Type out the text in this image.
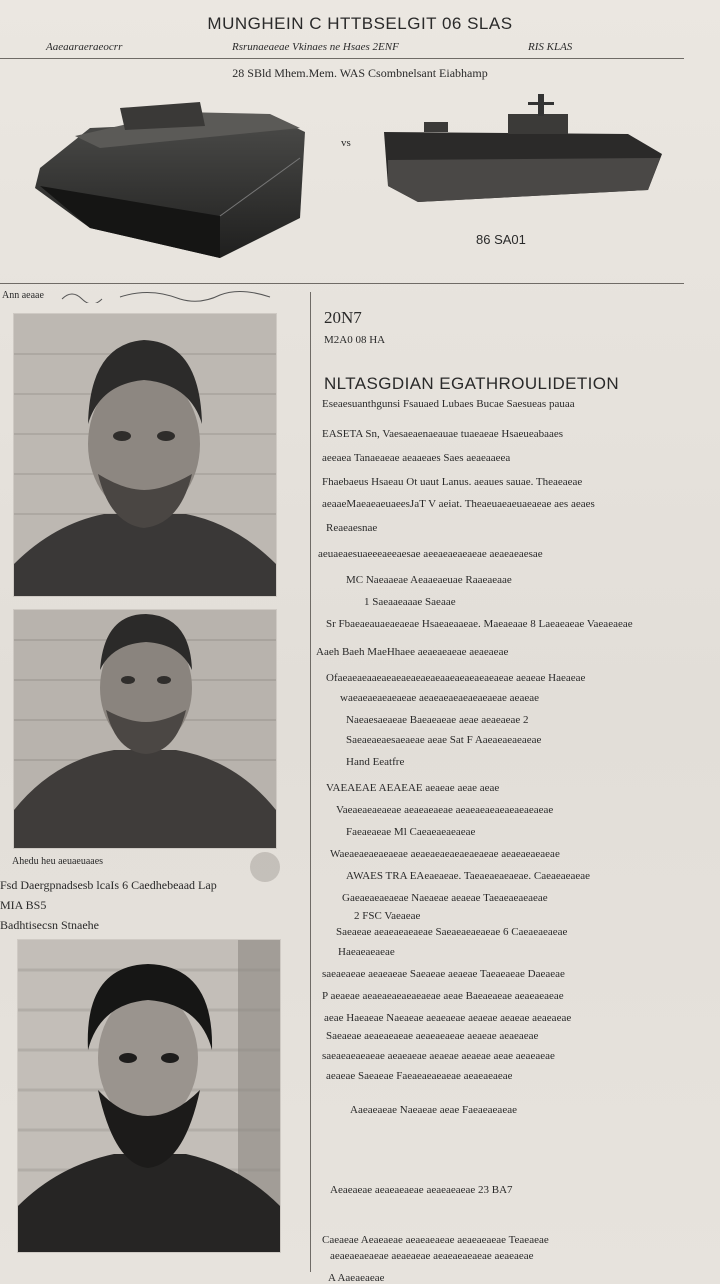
MUNGHEIN C HTTBSELGIT 06 SLAS
Aaeaaraeraeocrr	Rsrunaeaeae Vkinaes ne Hsaes 2ENF	RIS KLAS
28 SBld Mhem.Mem. WAS Csombnelsant Eiabhamp
vs
86 SA01
Ann aeaae
Ahedu heu aeuaeuaaes
Fsd Daergpnadsesb lcaIs 6 Caedhebeaad Lap
MIA BS5
Badhtisecsn Stnaehe
20N7
M2A0 08 HA
NLTASGDIAN EGATHROULIDETION
Eseaesuanthgunsi Fsauaed Lubaes Bucae Saesueas pauaa
EASETA Sn, Vaesaeaenaeauae tuaeaeae Hsaeueabaaes
aeeaea Tanaeaeae aeaaeaes Saes aeaeaaeea
Fhaebaeus Hsaeau Ot uaut Lanus. aeaues sauae. Theaeaeae
aeaaeMaeaeaeuaeesJaT V aeiat. Theaeuaeaeuaeaeae aes aeaes
Reaeaesnae
aeuaeaesuaeeeaeeaesae aeeaeaeaeaeae aeaeaeaesae
MC Naeaaeae Aeaaeaeuae Raaeaeaae
1 Saeaaeaaae Saeaae
Sr Fbaeaeauaeaeaeae Hsaeaeaaeae. Maeaeaae 8 Laeaeaeae Vaeaeaeae
Aaeh Baeh MaeHhaee aeaeaeaeae aeaeaeae
Ofaeaeaeaaeaeaeaeaeaeaeaaeaeaeaeaeaeae aeaeae Haeaeae
waeaeaeaeaeaeae aeaeaeaeaeaeaeaeae aeaeae
Naeaesaeaeae Baeaeaeae aeae aeaeaeae 2
Saeaeaeaesaeaeae aeae Sat F Aaeaeaeaeaeae
Hand Eeatfre
VAEAEAE AEAEAE aeaeae aeae aeae
Vaeaeaeaeaeae aeaeaeaeae aeaeaeaeaeaeaeaeaeae
Faeaeaeae Ml Caeaeaeaeaeae
Waeaeaeaeaeaeae aeaeaeaeaeaeaeaeae aeaeaeaeaeae
AWAES TRA EAeaeaeae. Taeaeaeaeaeae. Caeaeaeaeae
Gaeaeaeaeaeae Naeaeae aeaeae Taeaeaeaeaeae
2 FSC Vaeaeae
Saeaeae aeaeaeaeaeae Saeaeaeaeaeae 6 Caeaeaeaeae
Haeaeaeaeae
saeaeaeae aeaeaeae Saeaeae aeaeae Taeaeaeae Daeaeae
P aeaeae aeaeaeaeaeaeaeae aeae Baeaeaeae aeaeaeaeae
aeae Haeaeae Naeaeae aeaeaeae aeaeae aeaeae aeaeaeae
Saeaeae aeaeaeaeae aeaeaeaeae aeaeae aeaeaeae
saeaeaeaeaeae aeaeaeae aeaeae aeaeae aeae aeaeaeae
aeaeae Saeaeae Faeaeaeaeaeae aeaeaeaeae
Aaeaeaeae Naeaeae aeae Faeaeaeaeae
Aeaeaeae aeaeaeaeae aeaeaeaeae 23 BA7
Caeaeae Aeaeaeae aeaeaeaeae aeaeaeaeae Teaeaeae
aeaeaeaeaeae aeaeaeae aeaeaeaeaeae aeaeaeae
A Aaeaeaeae
